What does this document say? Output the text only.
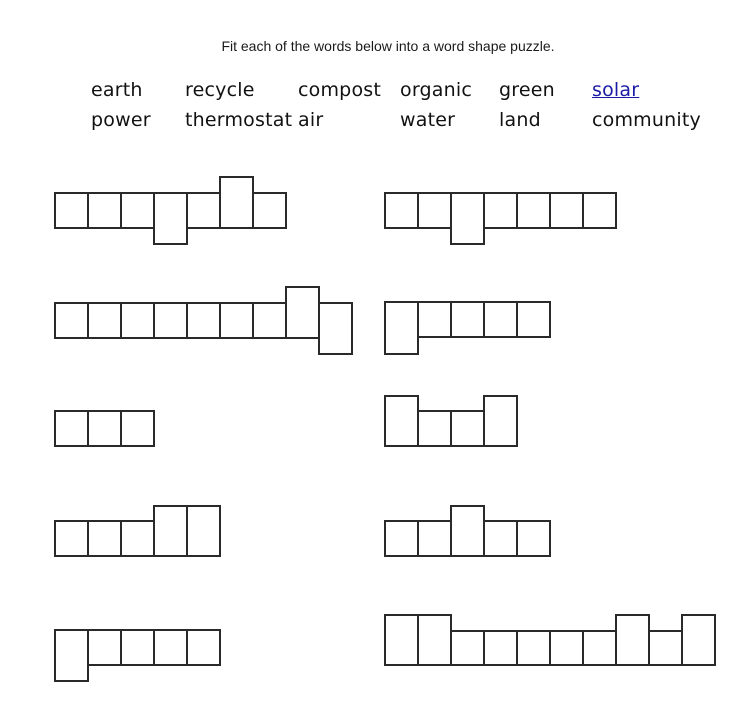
Fit each of the words below into a word shape puzzle.
earth recycle compost organic green solar
power thermostat air	water land	community
